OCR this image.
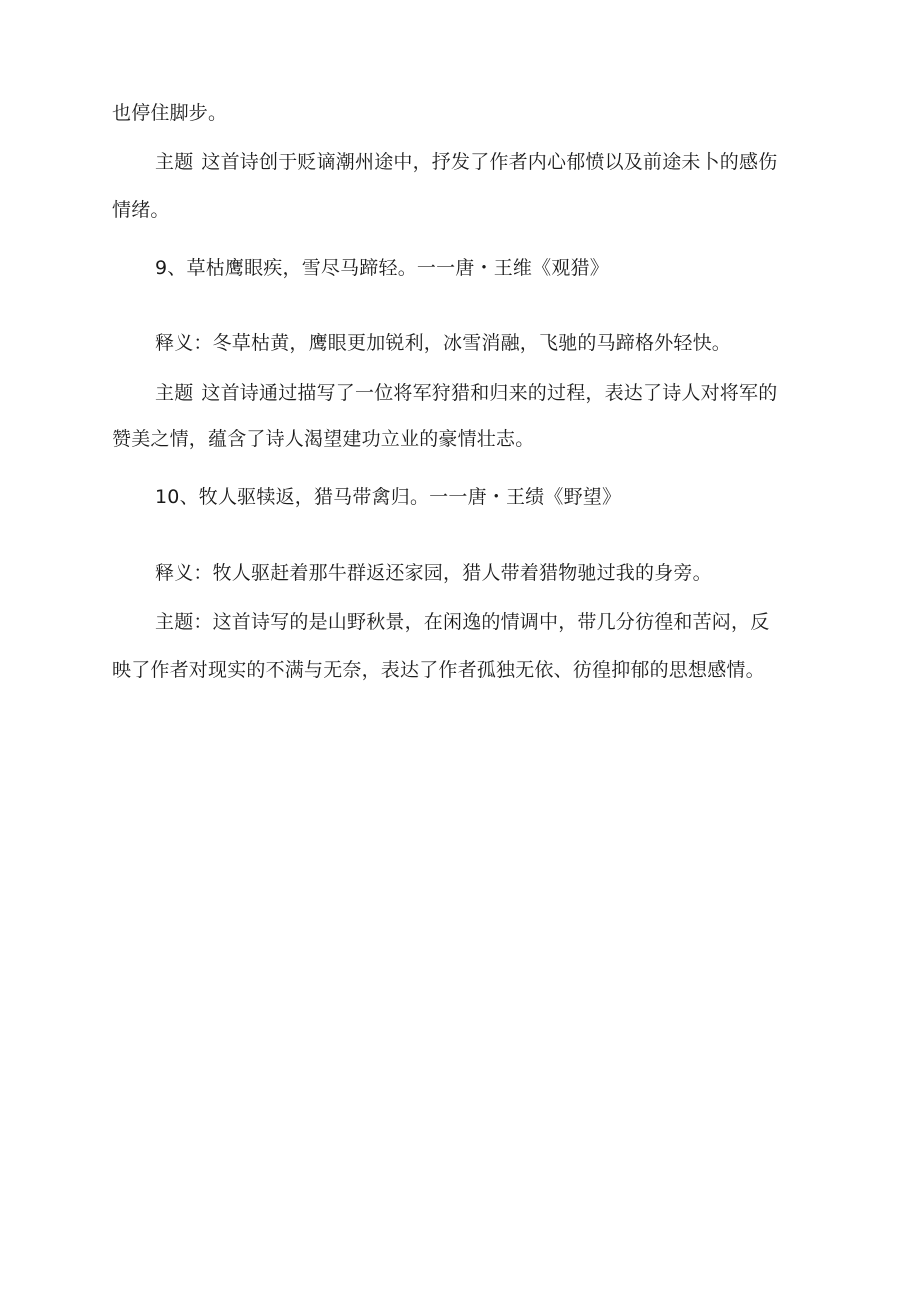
也停住脚步。
主题 这首诗创于贬谪潮州途中，抒发了作者内心郁愤以及前途未卜的感伤
情绪。
9、草枯鹰眼疾，雪尽马蹄轻。一一唐・王维《观猎》
释义：冬草枯黄，鹰眼更加锐利，冰雪消融，飞驰的马蹄格外轻快。
主题 这首诗通过描写了一位将军狩猎和归来的过程，表达了诗人对将军的
赞美之情，蕴含了诗人渴望建功立业的豪情壮志。
10、牧人驱犊返，猎马带禽归。一一唐・王绩《野望》
释义：牧人驱赶着那牛群返还家园，猎人带着猎物驰过我的身旁。
主题：这首诗写的是山野秋景，在闲逸的情调中，带几分彷徨和苦闷，反
映了作者对现实的不满与无奈，表达了作者孤独无依、彷徨抑郁的思想感情。
